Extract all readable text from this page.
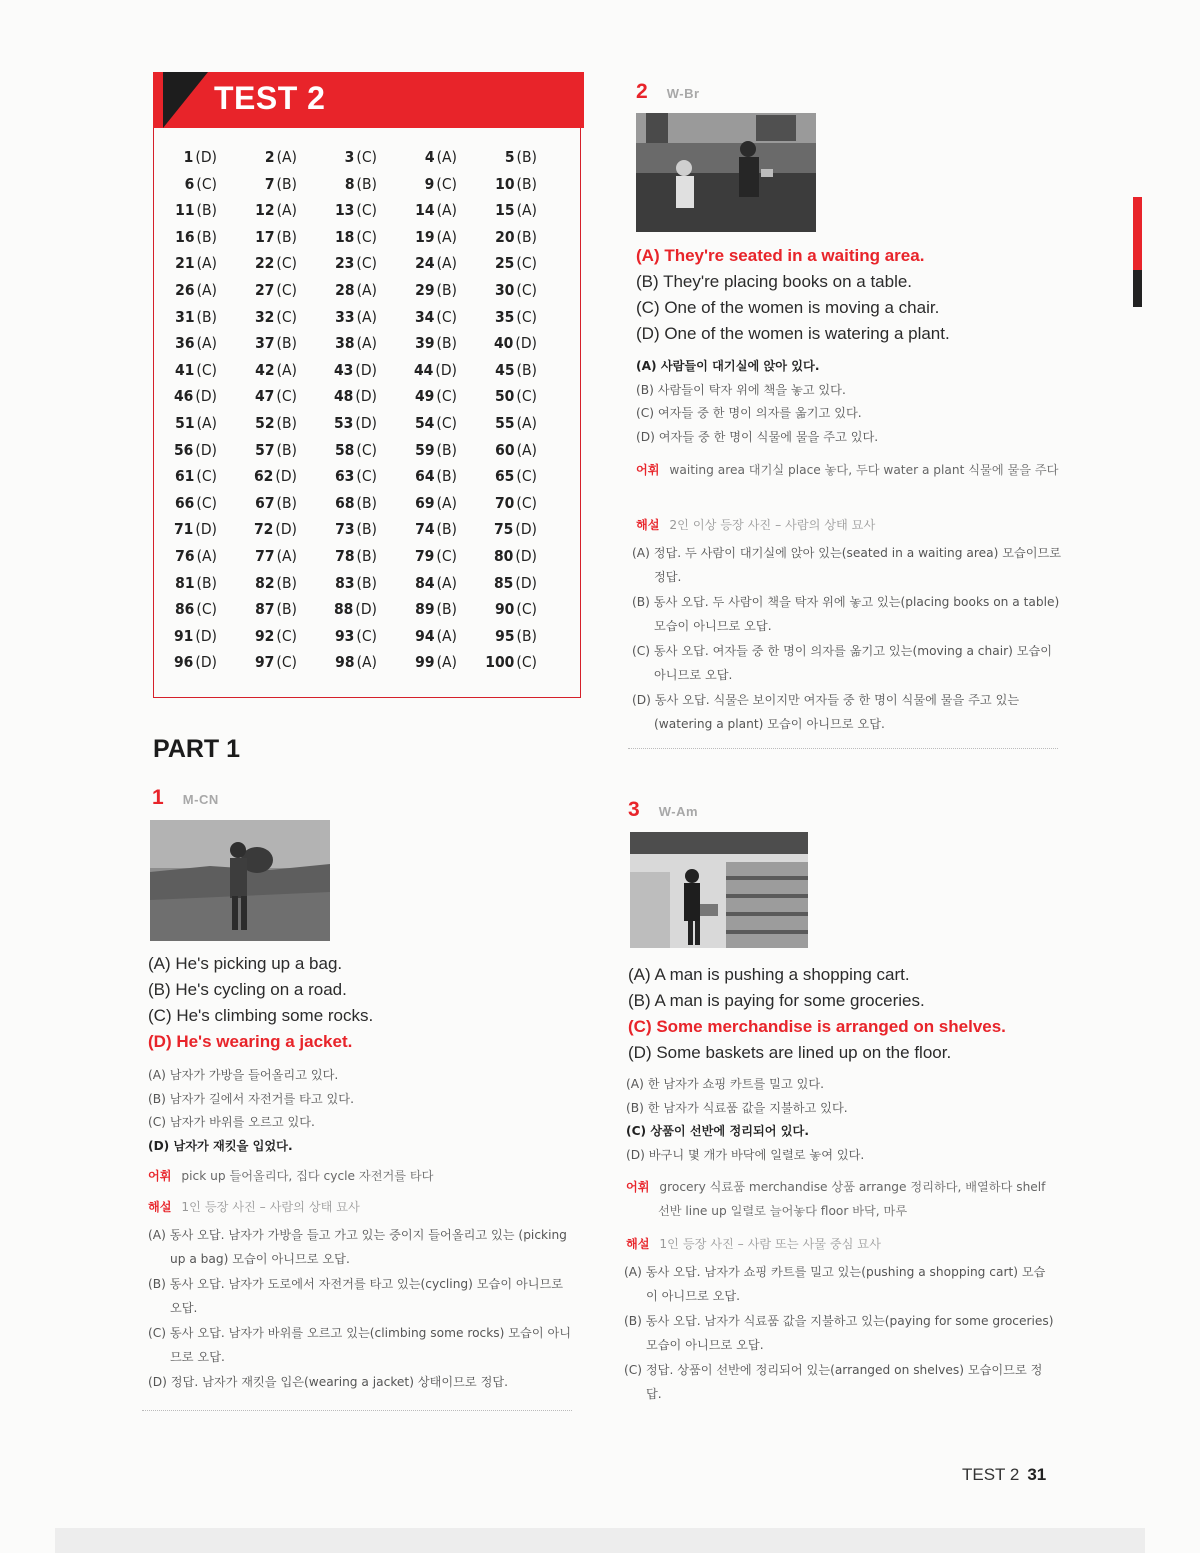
TEST 2
1 (D)	2 (A)	3 (C)	4 (A)	5 (B)
6 (C)	7 (B)	8 (B)	9 (C)	10 (B)
11 (B)	12 (A)	13 (C)	14 (A)	15 (A)
16 (B)	17 (B)	18 (C)	19 (A)	20 (B)
21 (A)	22 (C)	23 (C)	24 (A)	25 (C)
26 (A)	27 (C)	28 (A)	29 (B)	30 (C)
31 (B)	32 (C)	33 (A)	34 (C)	35 (C)
36 (A)	37 (B)	38 (A)	39 (B)	40 (D)
41 (C)	42 (A)	43 (D)	44 (D)	45 (B)
46 (D)	47 (C)	48 (D)	49 (C)	50 (C)
51 (A)	52 (B)	53 (D)	54 (C)	55 (A)
56 (D)	57 (B)	58 (C)	59 (B)	60 (A)
61 (C)	62 (D)	63 (C)	64 (B)	65 (C)
66 (C)	67 (B)	68 (B)	69 (A)	70 (C)
71 (D)	72 (D)	73 (B)	74 (B)	75 (D)
76 (A)	77 (A)	78 (B)	79 (C)	80 (D)
81 (B)	82 (B)	83 (B)	84 (A)	85 (D)
86 (C)	87 (B)	88 (D)	89 (B)	90 (C)
91 (D)	92 (C)	93 (C)	94 (A)	95 (B)
96 (D)	97 (C)	98 (A)	99 (A)	100 (C)
PART 1
1 M-CN
(A) He's picking up a bag.
(B) He's cycling on a road.
(C) He's climbing some rocks.
(D) He's wearing a jacket.
(A) 남자가 가방을 들어올리고 있다.
(B) 남자가 길에서 자전거를 타고 있다.
(C) 남자가 바위를 오르고 있다.
(D) 남자가 재킷을 입었다.
어휘 pick up 들어올리다, 집다 cycle 자전거를 타다
해설 1인 등장 사진 – 사람의 상태 묘사
(A) 동사 오답. 남자가 가방을 들고 가고 있는 중이지 들어올리고 있는 (picking up a bag) 모습이 아니므로 오답.
(B) 동사 오답. 남자가 도로에서 자전거를 타고 있는(cycling) 모습이 아니므로 오답.
(C) 동사 오답. 남자가 바위를 오르고 있는(climbing some rocks) 모습이 아니므로 오답.
(D) 정답. 남자가 재킷을 입은(wearing a jacket) 상태이므로 정답.
2 W-Br
(A) They're seated in a waiting area.
(B) They're placing books on a table.
(C) One of the women is moving a chair.
(D) One of the women is watering a plant.
(A) 사람들이 대기실에 앉아 있다.
(B) 사람들이 탁자 위에 책을 놓고 있다.
(C) 여자들 중 한 명이 의자를 옮기고 있다.
(D) 여자들 중 한 명이 식물에 물을 주고 있다.
어휘 waiting area 대기실 place 놓다, 두다 water a plant 식물에 물을 주다
해설 2인 이상 등장 사진 – 사람의 상태 묘사
(A) 정답. 두 사람이 대기실에 앉아 있는(seated in a waiting area) 모습이므로 정답.
(B) 동사 오답. 두 사람이 책을 탁자 위에 놓고 있는(placing books on a table) 모습이 아니므로 오답.
(C) 동사 오답. 여자들 중 한 명이 의자를 옮기고 있는(moving a chair) 모습이 아니므로 오답.
(D) 동사 오답. 식물은 보이지만 여자들 중 한 명이 식물에 물을 주고 있는 (watering a plant) 모습이 아니므로 오답.
3 W-Am
(A) A man is pushing a shopping cart.
(B) A man is paying for some groceries.
(C) Some merchandise is arranged on shelves.
(D) Some baskets are lined up on the floor.
(A) 한 남자가 쇼핑 카트를 밀고 있다.
(B) 한 남자가 식료품 값을 지불하고 있다.
(C) 상품이 선반에 정리되어 있다.
(D) 바구니 몇 개가 바닥에 일렬로 놓여 있다.
어휘 grocery 식료품 merchandise 상품 arrange 정리하다, 배열하다 shelf 선반 line up 일렬로 늘어놓다 floor 바닥, 마루
해설 1인 등장 사진 – 사람 또는 사물 중심 묘사
(A) 동사 오답. 남자가 쇼핑 카트를 밀고 있는(pushing a shopping cart) 모습이 아니므로 오답.
(B) 동사 오답. 남자가 식료품 값을 지불하고 있는(paying for some groceries) 모습이 아니므로 오답.
(C) 정답. 상품이 선반에 정리되어 있는(arranged on shelves) 모습이므로 정답.
TEST 2 31
